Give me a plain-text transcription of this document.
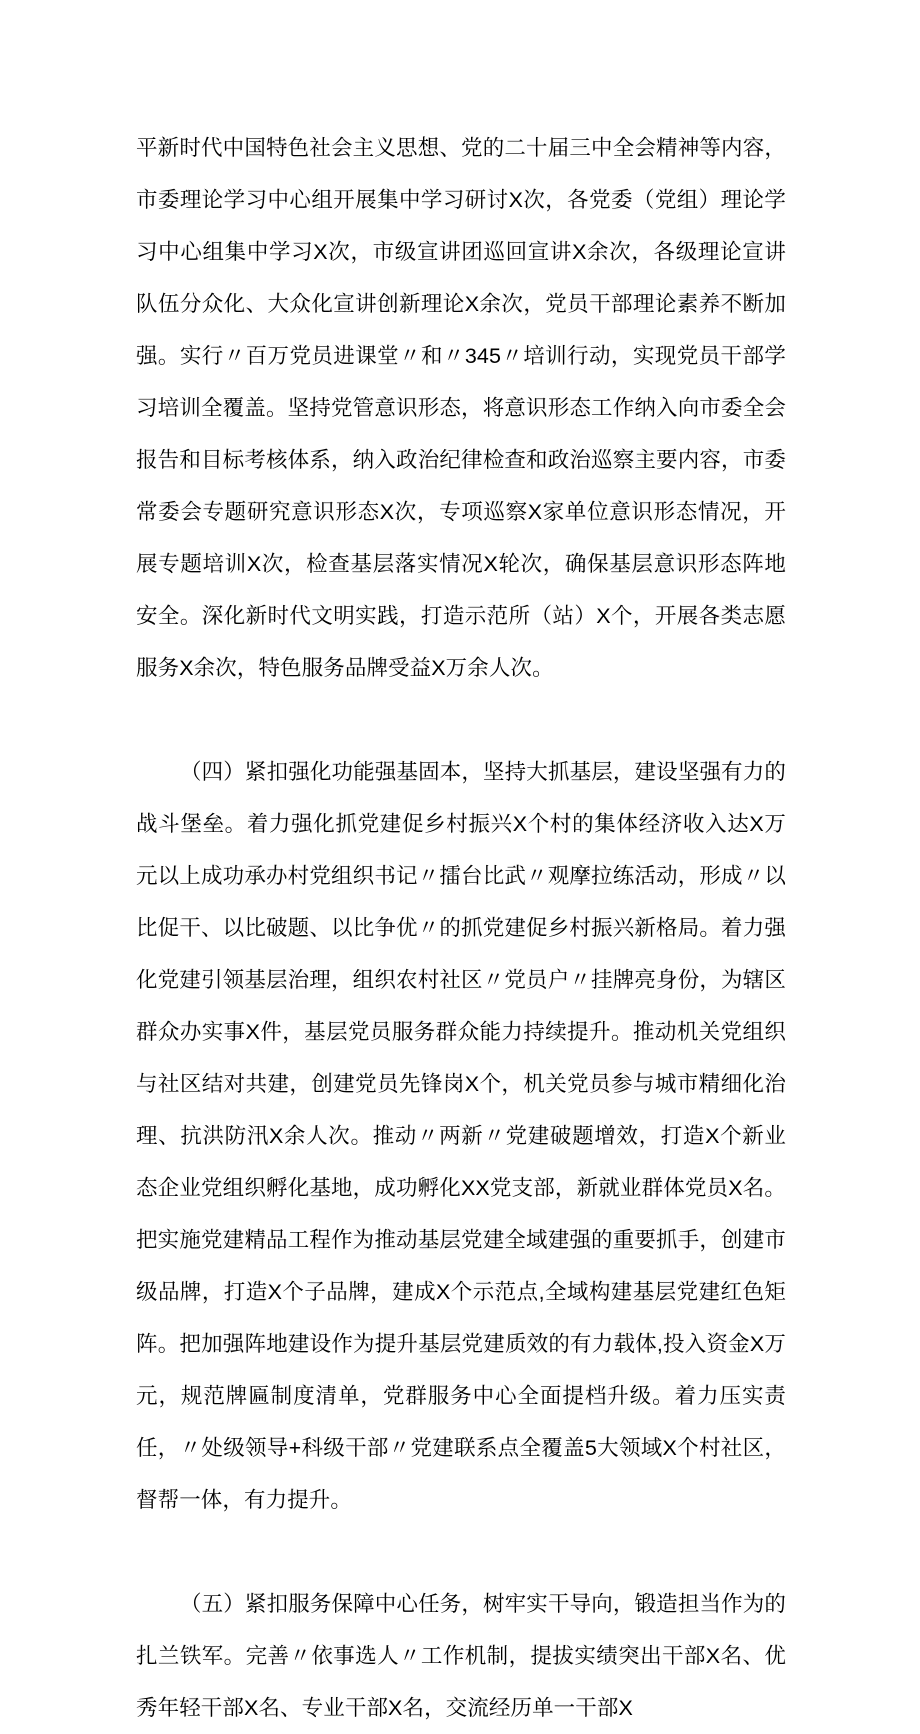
平新时代中国特色社会主义思想、党的二十届三中全会精神等内容，市委理论学习中心组开展集中学习研讨X次，各党委（党组）理论学习中心组集中学习X次，市级宣讲团巡回宣讲X余次，各级理论宣讲队伍分众化、大众化宣讲创新理论X余次，党员干部理论素养不断加强。实行〃百万党员进课堂〃和〃345〃培训行动，实现党员干部学习培训全覆盖。坚持党管意识形态，将意识形态工作纳入向市委全会报告和目标考核体系，纳入政治纪律检查和政治巡察主要内容，市委常委会专题研究意识形态X次，专项巡察X家单位意识形态情况，开展专题培训X次，检查基层落实情况X轮次，确保基层意识形态阵地安全。深化新时代文明实践，打造示范所（站）X个，开展各类志愿服务X余次，特色服务品牌受益X万余人次。

（四）紧扣强化功能强基固本，坚持大抓基层，建设坚强有力的战斗堡垒。着力强化抓党建促乡村振兴X个村的集体经济收入达X万元以上成功承办村党组织书记〃擂台比武〃观摩拉练活动，形成〃以比促干、以比破题、以比争优〃的抓党建促乡村振兴新格局。着力强化党建引领基层治理，组织农村社区〃党员户〃挂牌亮身份，为辖区群众办实事X件，基层党员服务群众能力持续提升。推动机关党组织与社区结对共建，创建党员先锋岗X个，机关党员参与城市精细化治理、抗洪防汛X余人次。推动〃两新〃党建破题增效，打造X个新业态企业党组织孵化基地，成功孵化XX党支部，新就业群体党员X名。把实施党建精品工程作为推动基层党建全域建强的重要抓手，创建市级品牌，打造X个子品牌，建成X个示范点,全域构建基层党建红色矩阵。把加强阵地建设作为提升基层党建质效的有力载体,投入资金X万元，规范牌匾制度清单，党群服务中心全面提档升级。着力压实责任，〃处级领导+科级干部〃党建联系点全覆盖5大领域X个村社区，督帮一体，有力提升。

（五）紧扣服务保障中心任务，树牢实干导向，锻造担当作为的扎兰铁军。完善〃依事选人〃工作机制，提拔实绩突出干部X名、优秀年轻干部X名、专业干部X名，交流经历单一干部X
